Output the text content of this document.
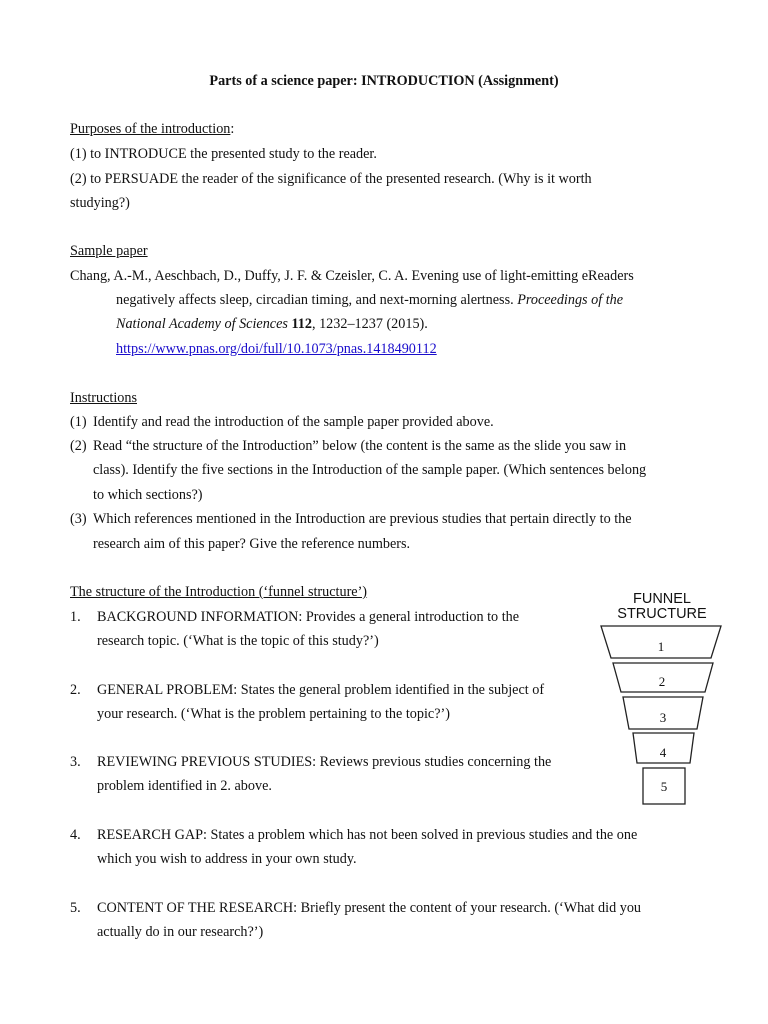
Parts of a science paper: INTRODUCTION (Assignment)
Purposes of the introduction:
(1) to INTRODUCE the presented study to the reader.
(2) to PERSUADE the reader of the significance of the presented research. (Why is it worth
studying?)
Sample paper
Chang, A.-M., Aeschbach, D., Duffy, J. F. & Czeisler, C. A. Evening use of light-emitting eReaders
negatively affects sleep, circadian timing, and next-morning alertness. Proceedings of the
National Academy of Sciences 112, 1232–1237 (2015).
https://www.pnas.org/doi/full/10.1073/pnas.1418490112
Instructions
(1) Identify and read the introduction of the sample paper provided above.
(2) Read “the structure of the Introduction” below (the content is the same as the slide you saw in
class). Identify the five sections in the Introduction of the sample paper. (Which sentences belong
to which sections?)
(3) Which references mentioned in the Introduction are previous studies that pertain directly to the
research aim of this paper? Give the reference numbers.
The structure of the Introduction (‘funnel structure’)
1. BACKGROUND INFORMATION: Provides a general introduction to the
research topic. (‘What is the topic of this study?’)
2. GENERAL PROBLEM: States the general problem identified in the subject of
your research. (‘What is the problem pertaining to the topic?’)
3. REVIEWING PREVIOUS STUDIES: Reviews previous studies concerning the
problem identified in 2. above.
4. RESEARCH GAP: States a problem which has not been solved in previous studies and the one
which you wish to address in your own study.
5. CONTENT OF THE RESEARCH: Briefly present the content of your research. (‘What did you
actually do in our research?’)
FUNNEL
STRUCTURE
1
2
3
4
5
